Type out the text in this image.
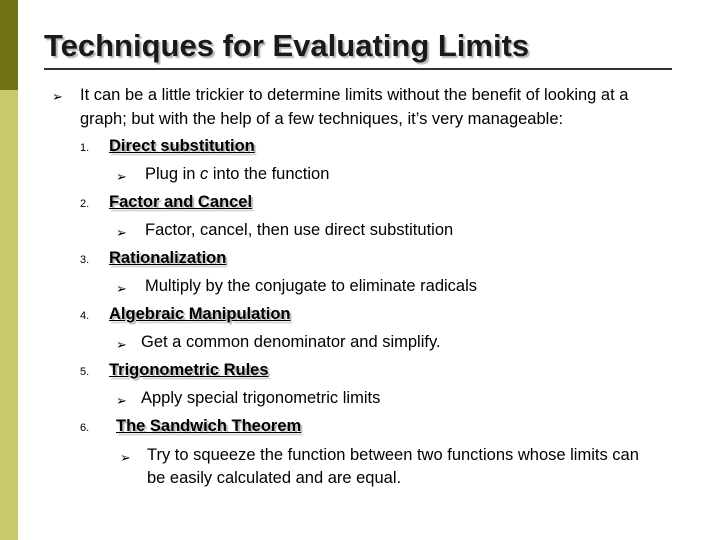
Techniques for Evaluating Limits
➢ It can be a little trickier to determine limits without the benefit of looking at a
graph; but with the help of a few techniques, it’s very manageable:
1. Direct substitution
➢ Plug in c into the function
2. Factor and Cancel
➢ Factor, cancel, then use direct substitution
3. Rationalization
➢ Multiply by the conjugate to eliminate radicals
4. Algebraic Manipulation
➢ Get a common denominator and simplify.
5. Trigonometric Rules
➢ Apply special trigonometric limits
6. The Sandwich Theorem
➢ Try to squeeze the function between two functions whose limits can
be easily calculated and are equal.
